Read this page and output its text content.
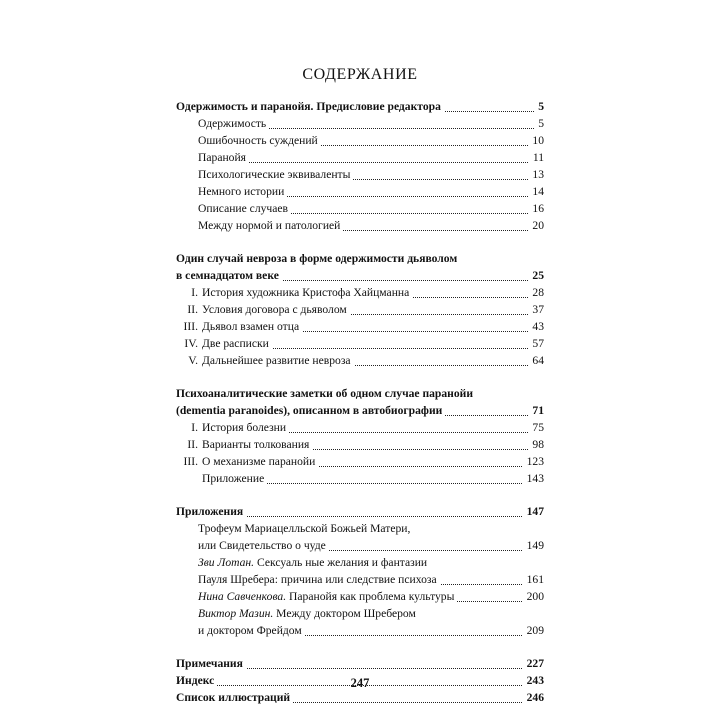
СОДЕРЖАНИЕ
Одержимость и паранойя. Предисловие редактора	5
Одержимость	5
Ошибочность суждений	10
Паранойя	11
Психологические эквиваленты	13
Немного истории	14
Описание случаев	16
Между нормой и патологией	20
Один случай невроза в форме одержимости дьяволом
в семнадцатом веке	25
I. История художника Кристофа Хайцманна	28
II. Условия договора с дьяволом	37
III. Дьявол взамен отца	43
IV. Две расписки	57
V. Дальнейшее развитие невроза	64
Психоаналитические заметки об одном случае паранойи
(dementia paranoides), описанном в автобиографии	71
I. История болезни	75
II. Варианты толкования	98
III. О механизме паранойи	123
Приложение	143
Приложения	147
Трофеум Мариацелльской Божьей Матери,
или Свидетельство о чуде	149
Зви Лотан. Сексуаль ные желания и фантазии
Пауля Шребера: причина или следствие психоза	161
Нина Савченкова. Паранойя как проблема культуры	200
Виктор Мазин. Между доктором Шребером
и доктором Фрейдом	209
Примечания	227
Индекс	243
Список иллюстраций	246
247
